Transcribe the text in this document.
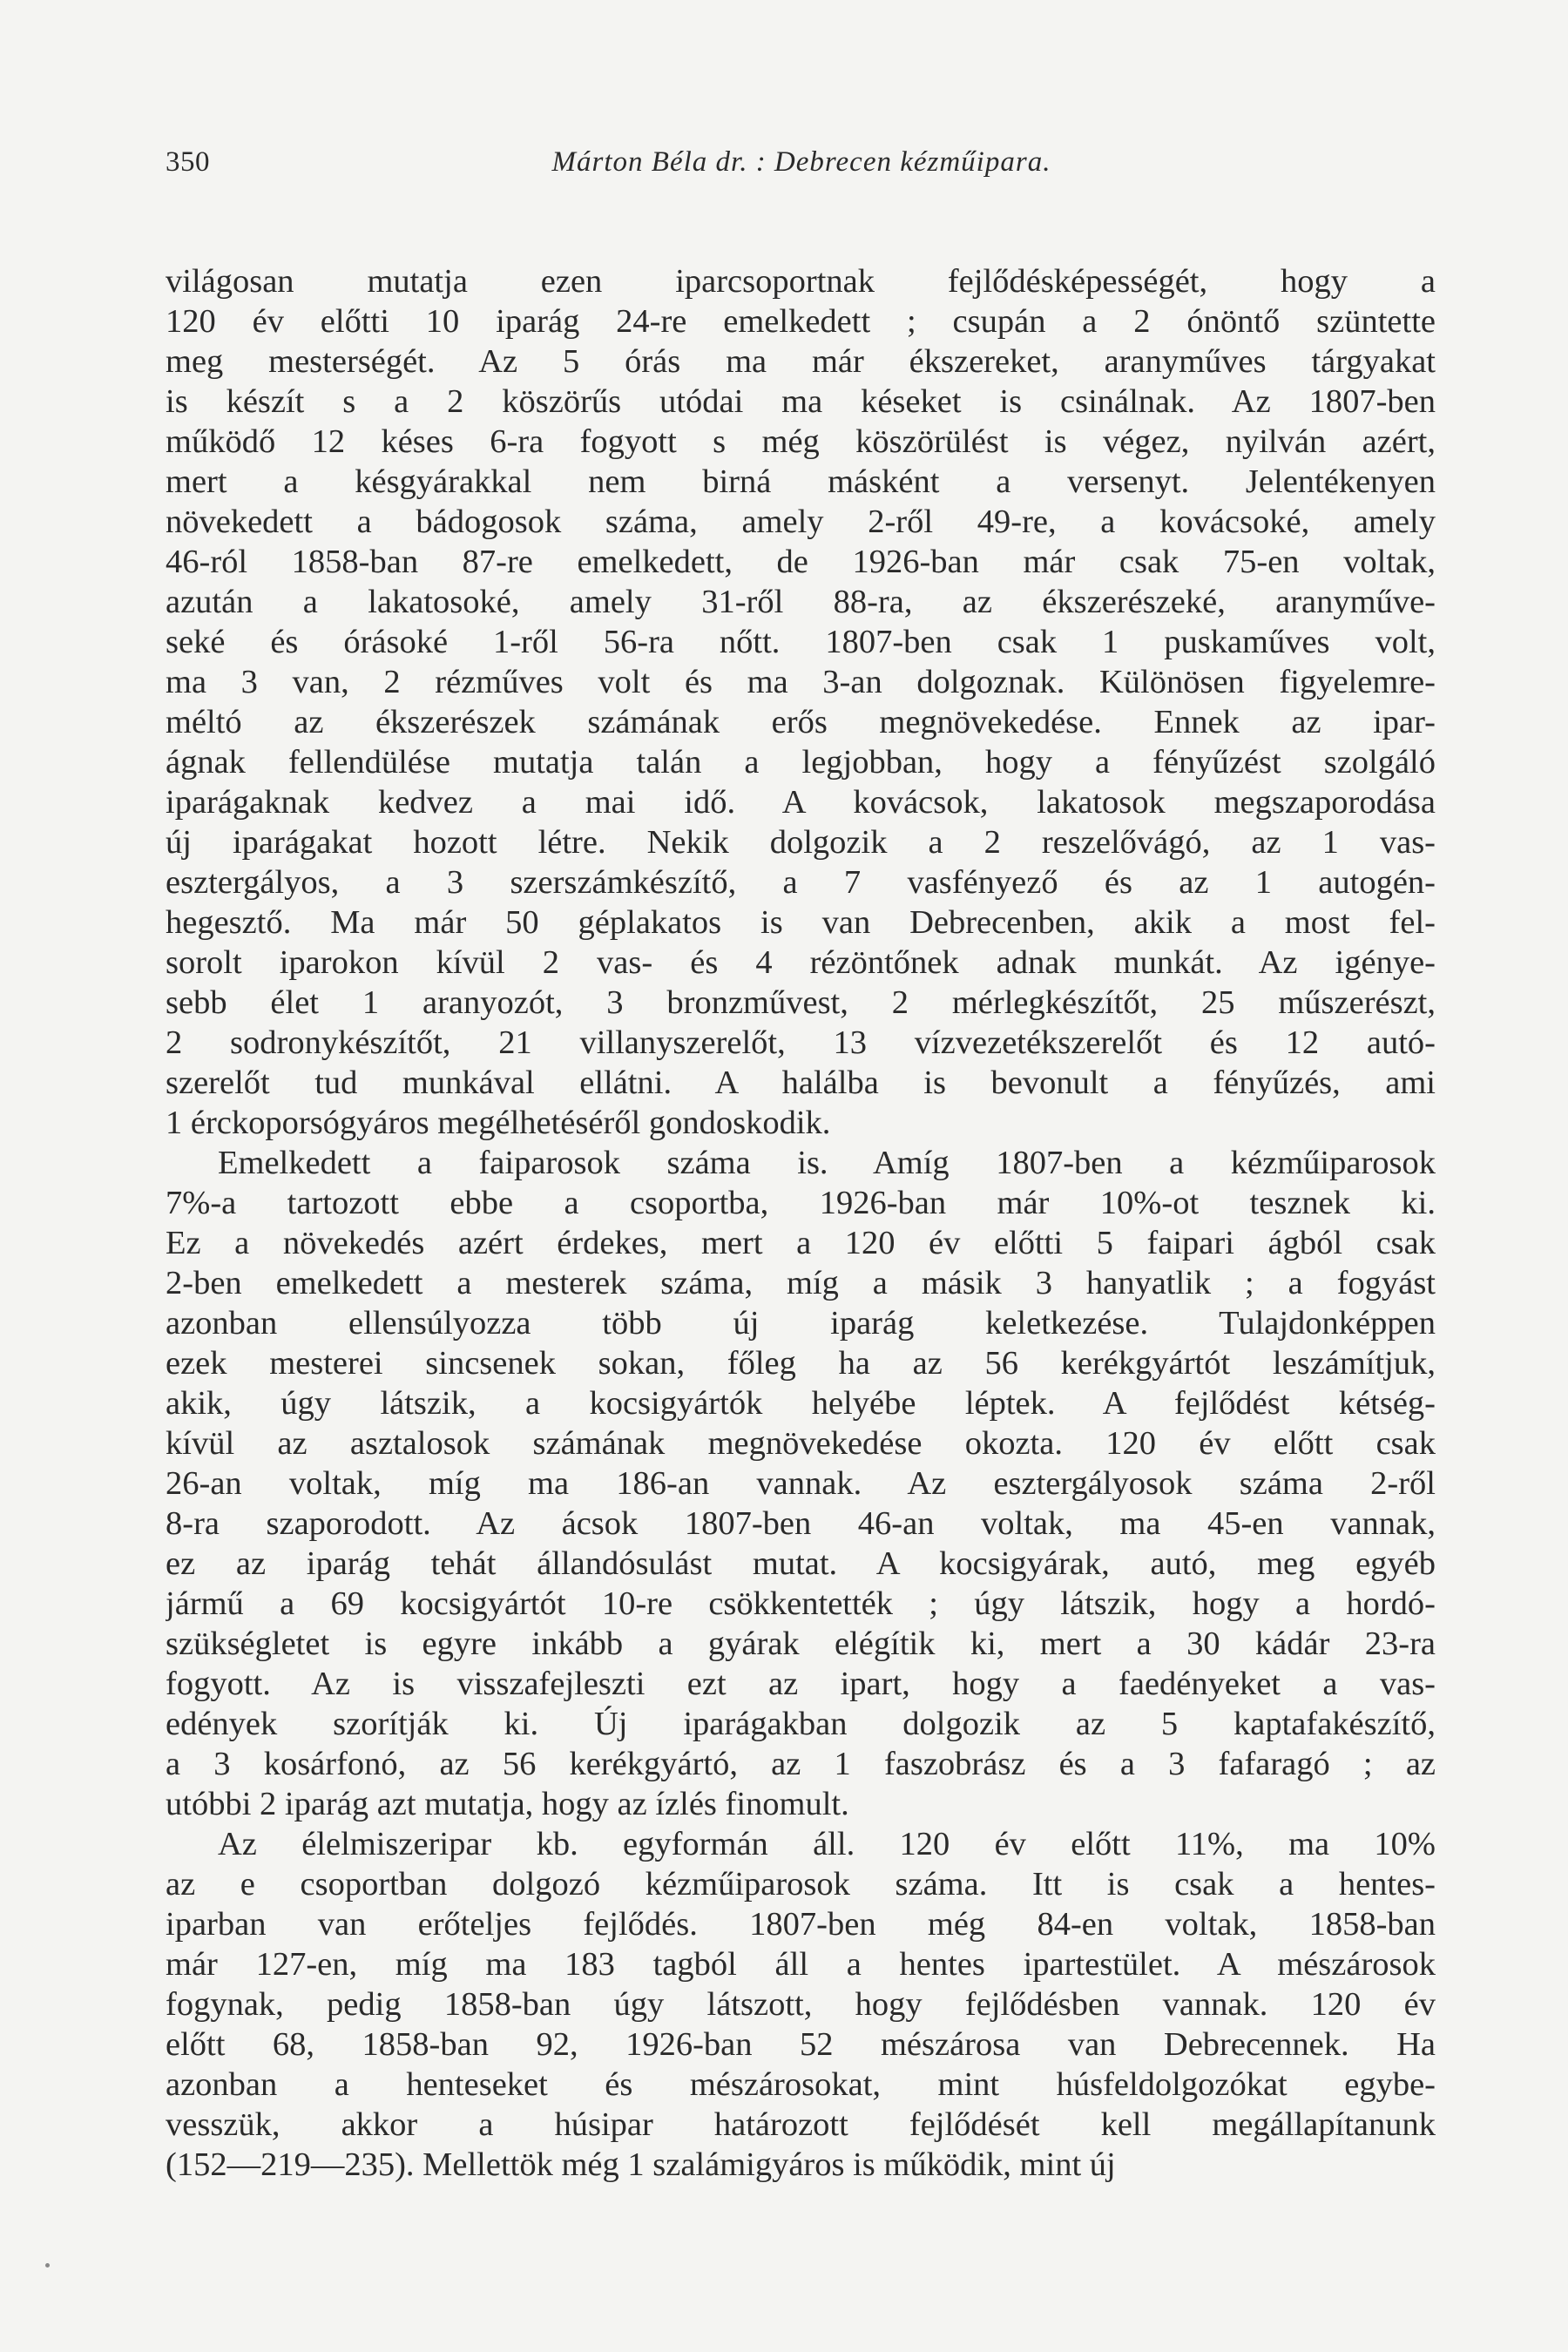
350	Márton Béla dr. : Debrecen kézműipara.
világosan mutatja ezen iparcsoportnak fejlődésképességét, hogy a
120 év előtti 10 iparág 24-re emelkedett ; csupán a 2 ónöntő szüntette
meg mesterségét. Az 5 órás ma már ékszereket, aranyműves tárgyakat
is készít s a 2 köszörűs utódai ma késeket is csinálnak. Az 1807-ben
működő 12 késes 6-ra fogyott s még köszörülést is végez, nyilván azért,
mert a késgyárakkal nem birná másként a versenyt. Jelentékenyen
növekedett a bádogosok száma, amely 2-ről 49-re, a kovácsoké, amely
46-ról 1858-ban 87-re emelkedett, de 1926-ban már csak 75-en voltak,
azután a lakatosoké, amely 31-ről 88-ra, az ékszerészeké, aranyműve-
seké és órásoké 1-ről 56-ra nőtt. 1807-ben csak 1 puskaműves volt,
ma 3 van, 2 rézműves volt és ma 3-an dolgoznak. Különösen figyelemre-
méltó az ékszerészek számának erős megnövekedése. Ennek az ipar-
ágnak fellendülése mutatja talán a legjobban, hogy a fényűzést szolgáló
iparágaknak kedvez a mai idő. A kovácsok, lakatosok megszaporodása
új iparágakat hozott létre. Nekik dolgozik a 2 reszelővágó, az 1 vas-
esztergályos, a 3 szerszámkészítő, a 7 vasfényező és az 1 autogén-
hegesztő. Ma már 50 géplakatos is van Debrecenben, akik a most fel-
sorolt iparokon kívül 2 vas- és 4 rézöntőnek adnak munkát. Az igénye-
sebb élet 1 aranyozót, 3 bronzművest, 2 mérlegkészítőt, 25 műszerészt,
2 sodronykészítőt, 21 villanyszerelőt, 13 vízvezetékszerelőt és 12 autó-
szerelőt tud munkával ellátni. A halálba is bevonult a fényűzés, ami
1 érckoporsógyáros megélhetéséről gondoskodik.
Emelkedett a faiparosok száma is. Amíg 1807-ben a kézműiparosok
7%-a tartozott ebbe a csoportba, 1926-ban már 10%-ot tesznek ki.
Ez a növekedés azért érdekes, mert a 120 év előtti 5 faipari ágból csak
2-ben emelkedett a mesterek száma, míg a másik 3 hanyatlik ; a fogyást
azonban ellensúlyozza több új iparág keletkezése. Tulajdonképpen
ezek mesterei sincsenek sokan, főleg ha az 56 kerékgyártót leszámítjuk,
akik, úgy látszik, a kocsigyártók helyébe léptek. A fejlődést kétség-
kívül az asztalosok számának megnövekedése okozta. 120 év előtt csak
26-an voltak, míg ma 186-an vannak. Az esztergályosok száma 2-ről
8-ra szaporodott. Az ácsok 1807-ben 46-an voltak, ma 45-en vannak,
ez az iparág tehát állandósulást mutat. A kocsigyárak, autó, meg egyéb
jármű a 69 kocsigyártót 10-re csökkentették ; úgy látszik, hogy a hordó-
szükségletet is egyre inkább a gyárak elégítik ki, mert a 30 kádár 23-ra
fogyott. Az is visszafejleszti ezt az ipart, hogy a faedényeket a vas-
edények szorítják ki. Új iparágakban dolgozik az 5 kaptafakészítő,
a 3 kosárfonó, az 56 kerékgyártó, az 1 faszobrász és a 3 fafaragó ; az
utóbbi 2 iparág azt mutatja, hogy az ízlés finomult.
Az élelmiszeripar kb. egyformán áll. 120 év előtt 11%, ma 10%
az e csoportban dolgozó kézműiparosok száma. Itt is csak a hentes-
iparban van erőteljes fejlődés. 1807-ben még 84-en voltak, 1858-ban
már 127-en, míg ma 183 tagból áll a hentes ipartestület. A mészárosok
fogynak, pedig 1858-ban úgy látszott, hogy fejlődésben vannak. 120 év
előtt 68, 1858-ban 92, 1926-ban 52 mészárosa van Debrecennek. Ha
azonban a henteseket és mészárosokat, mint húsfeldolgozókat egybe-
vesszük, akkor a húsipar határozott fejlődését kell megállapítanunk
(152—219—235). Mellettök még 1 szalámigyáros is működik, mint új
